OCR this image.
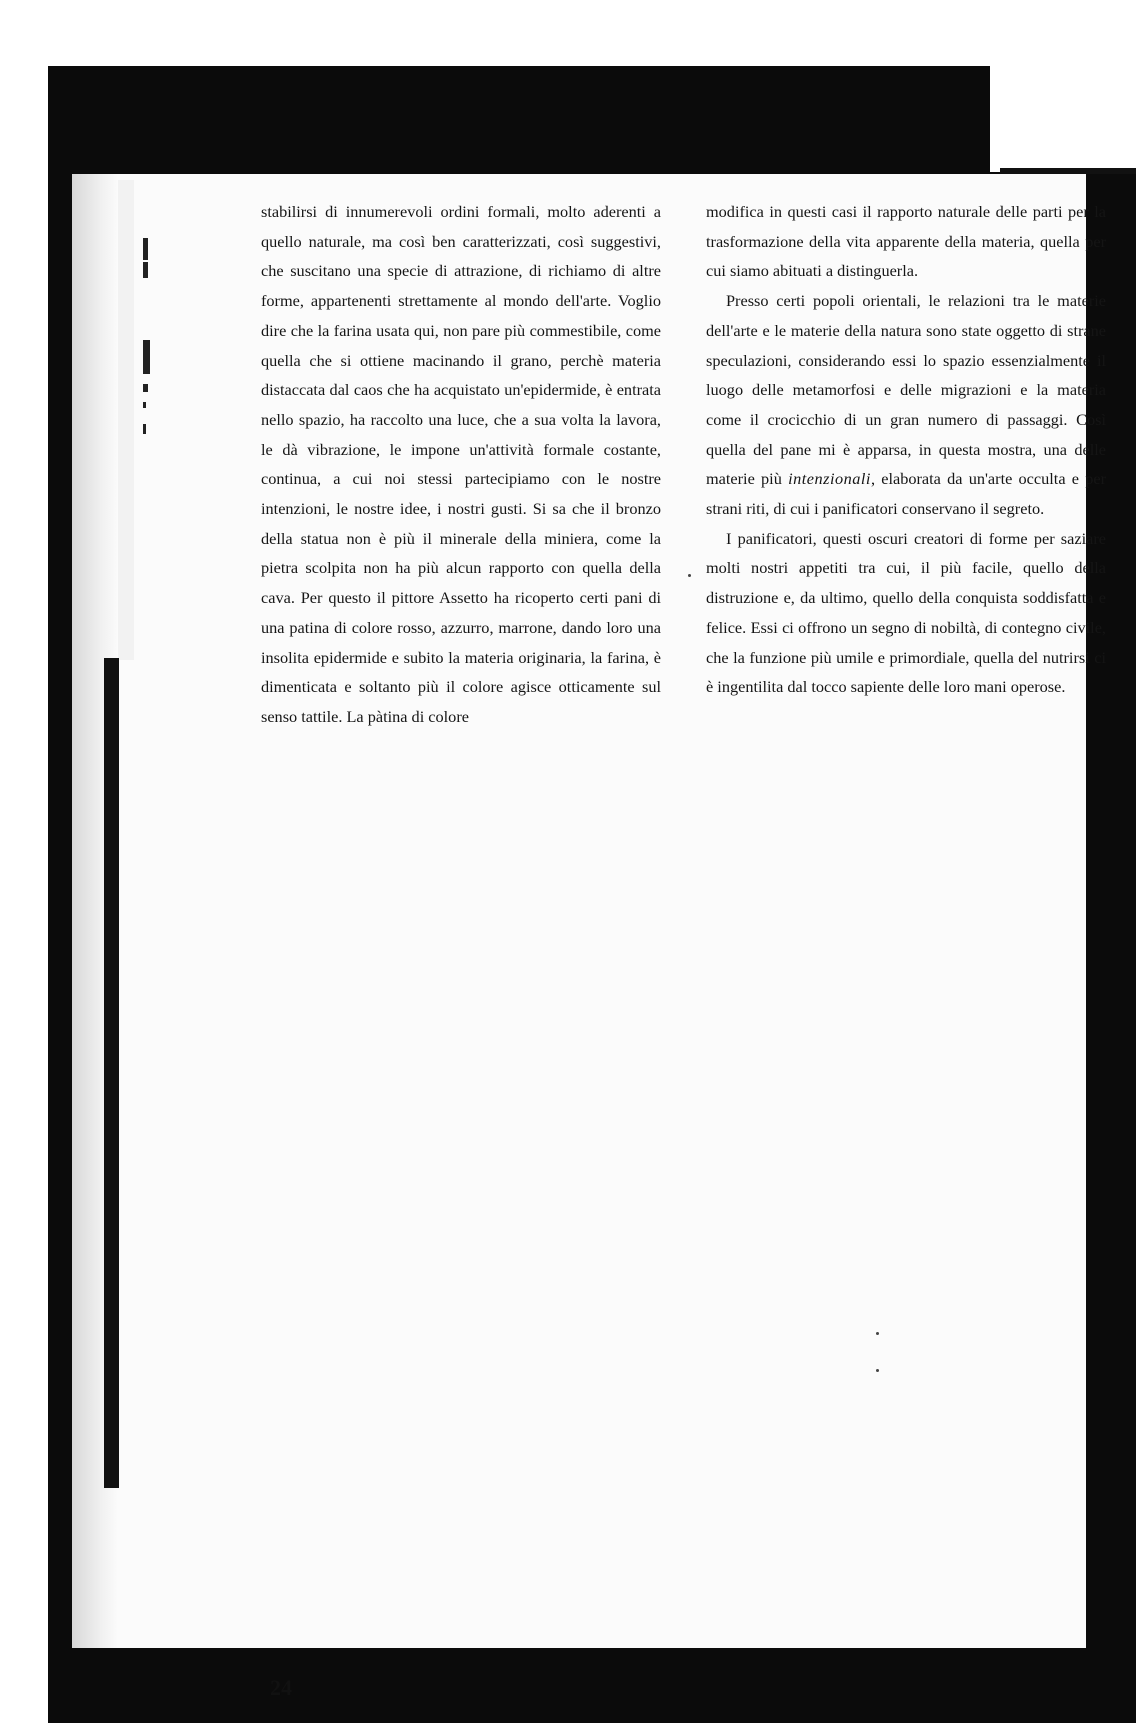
stabilirsi di innumerevoli ordini formali, molto aderenti a quello naturale, ma così ben caratterizzati, così suggestivi, che suscitano una specie di attrazione, di richiamo di altre forme, appartenenti strettamente al mondo dell'arte. Voglio dire che la farina usata qui, non pare più commestibile, come quella che si ottiene macinando il grano, perchè materia distaccata dal caos che ha acquistato un'epidermide, è entrata nello spazio, ha raccolto una luce, che a sua volta la lavora, le dà vibrazione, le impone un'attività formale costante, continua, a cui noi stessi partecipiamo con le nostre intenzioni, le nostre idee, i nostri gusti. Si sa che il bronzo della statua non è più il minerale della miniera, come la pietra scolpita non ha più alcun rapporto con quella della cava. Per questo il pittore Assetto ha ricoperto certi pani di una patina di colore rosso, azzurro, marrone, dando loro una insolita epidermide e subito la materia originaria, la farina, è dimenticata e soltanto più il colore agisce otticamente sul senso tattile. La pàtina di colore

modifica in questi casi il rapporto naturale delle parti per la trasformazione della vita apparente della materia, quella per cui siamo abituati a distinguerla.

Presso certi popoli orientali, le relazioni tra le materie dell'arte e le materie della natura sono state oggetto di strane speculazioni, considerando essi lo spazio essenzialmente il luogo delle metamorfosi e delle migrazioni e la materia come il crocicchio di un gran numero di passaggi. Così quella del pane mi è apparsa, in questa mostra, una delle materie più intenzionali, elaborata da un'arte occulta e per strani riti, di cui i panificatori conservano il segreto.

I panificatori, questi oscuri creatori di forme per saziare molti nostri appetiti tra cui, il più facile, quello della distruzione e, da ultimo, quello della conquista soddisfatta e felice. Essi ci offrono un segno di nobiltà, di contegno civile, che la funzione più umile e primordiale, quella del nutrirsi ci è ingentilita dal tocco sapiente delle loro mani operose.

24
